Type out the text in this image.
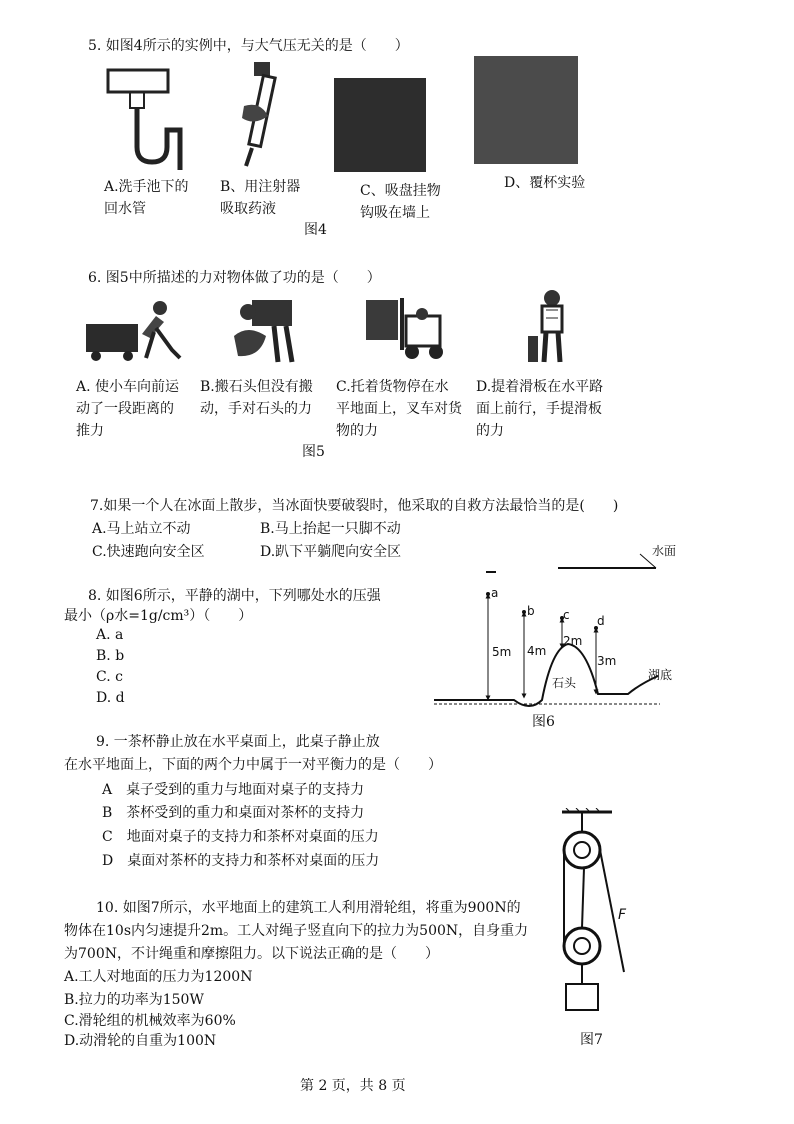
5. 如图4所示的实例中，与大气压无关的是（　　）
A.洗手池下的
回水管
B、用注射器
吸取药液
C、吸盘挂物
钩吸在墙上
D、覆杯实验
图4
6. 图5中所描述的力对物体做了功的是（　　）
A. 使小车向前运
动了一段距离的
推力
B.搬石头但没有搬
动，手对石头的力
C.托着货物停在水
平地面上，叉车对货
物的力
D.提着滑板在水平路
面上前行，手提滑板
的力
图5
7.如果一个人在冰面上散步，当冰面快要破裂时，他采取的自救方法最恰当的是(　　)
A.马上站立不动	B.马上抬起一只脚不动
C.快速跑向安全区	D.趴下平躺爬向安全区
8. 如图6所示，平静的湖中，下列哪处水的压强
最小（ρ水=1g/cm³）（　　）
A. a
B. b
C. c
D. d
水面
湖底
石头
a
b c d
5m 4m
2m
3m
图6
9. 一茶杯静止放在水平桌面上，此桌子静止放
在水平地面上，下面的两个力中属于一对平衡力的是（　　）
A　 桌子受到的重力与地面对桌子的支持力
B　 茶杯受到的重力和桌面对茶杯的支持力
C　 地面对桌子的支持力和茶杯对桌面的压力
D　 桌面对茶杯的支持力和茶杯对桌面的压力
10. 如图7所示，水平地面上的建筑工人利用滑轮组，将重为900N的
物体在10s内匀速提升2m。工人对绳子竖直向下的拉力为500N，自身重力
为700N，不计绳重和摩擦阻力。以下说法正确的是（　　）
A.工人对地面的压力为1200N
B.拉力的功率为150W
C.滑轮组的机械效率为60%
D.动滑轮的自重为100N
F
图7
第 2 页，共 8 页
